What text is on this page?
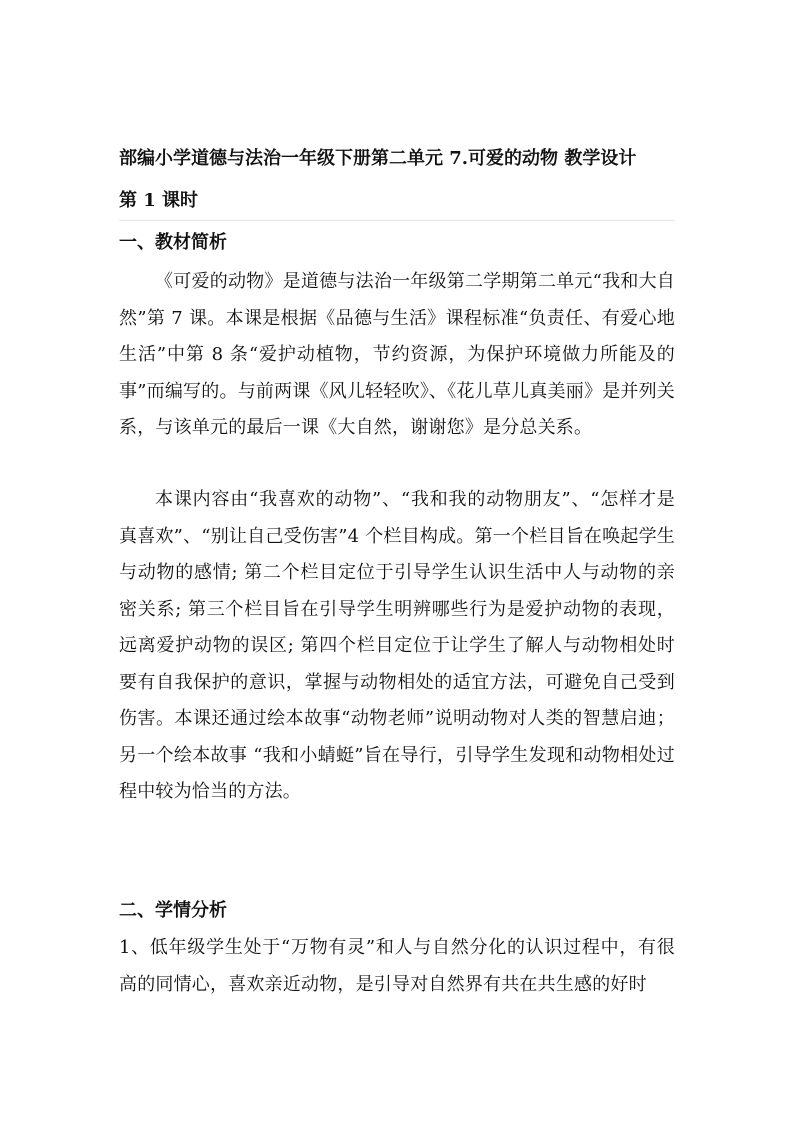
部编小学道德与法治一年级下册第二单元 7.可爱的动物 教学设计
第 1 课时
一、教材简析
《可爱的动物》是道德与法治一年级第二学期第二单元“我和大自然”第 7 课。本课是根据《品德与生活》课程标准“负责任、有爱心地生活”中第 8 条“爱护动植物，节约资源，为保护环境做力所能及的事”而编写的。与前两课《风儿轻轻吹》、《花儿草儿真美丽》是并列关系，与该单元的最后一课《大自然，谢谢您》是分总关系。
本课内容由“我喜欢的动物”、“我和我的动物朋友”、“怎样才是真喜欢”、“别让自己受伤害”4 个栏目构成。第一个栏目旨在唤起学生与动物的感情; 第二个栏目定位于引导学生认识生活中人与动物的亲密关系; 第三个栏目旨在引导学生明辨哪些行为是爱护动物的表现，远离爱护动物的误区; 第四个栏目定位于让学生了解人与动物相处时要有自我保护的意识，掌握与动物相处的适宜方法，可避免自己受到伤害。本课还通过绘本故事“动物老师”说明动物对人类的智慧启迪；另一个绘本故事 “我和小蜻蜓”旨在导行，引导学生发现和动物相处过程中较为恰当的方法。
二、学情分析
1、低年级学生处于“万物有灵”和人与自然分化的认识过程中，有很高的同情心，喜欢亲近动物，是引导对自然界有共在共生感的好时
